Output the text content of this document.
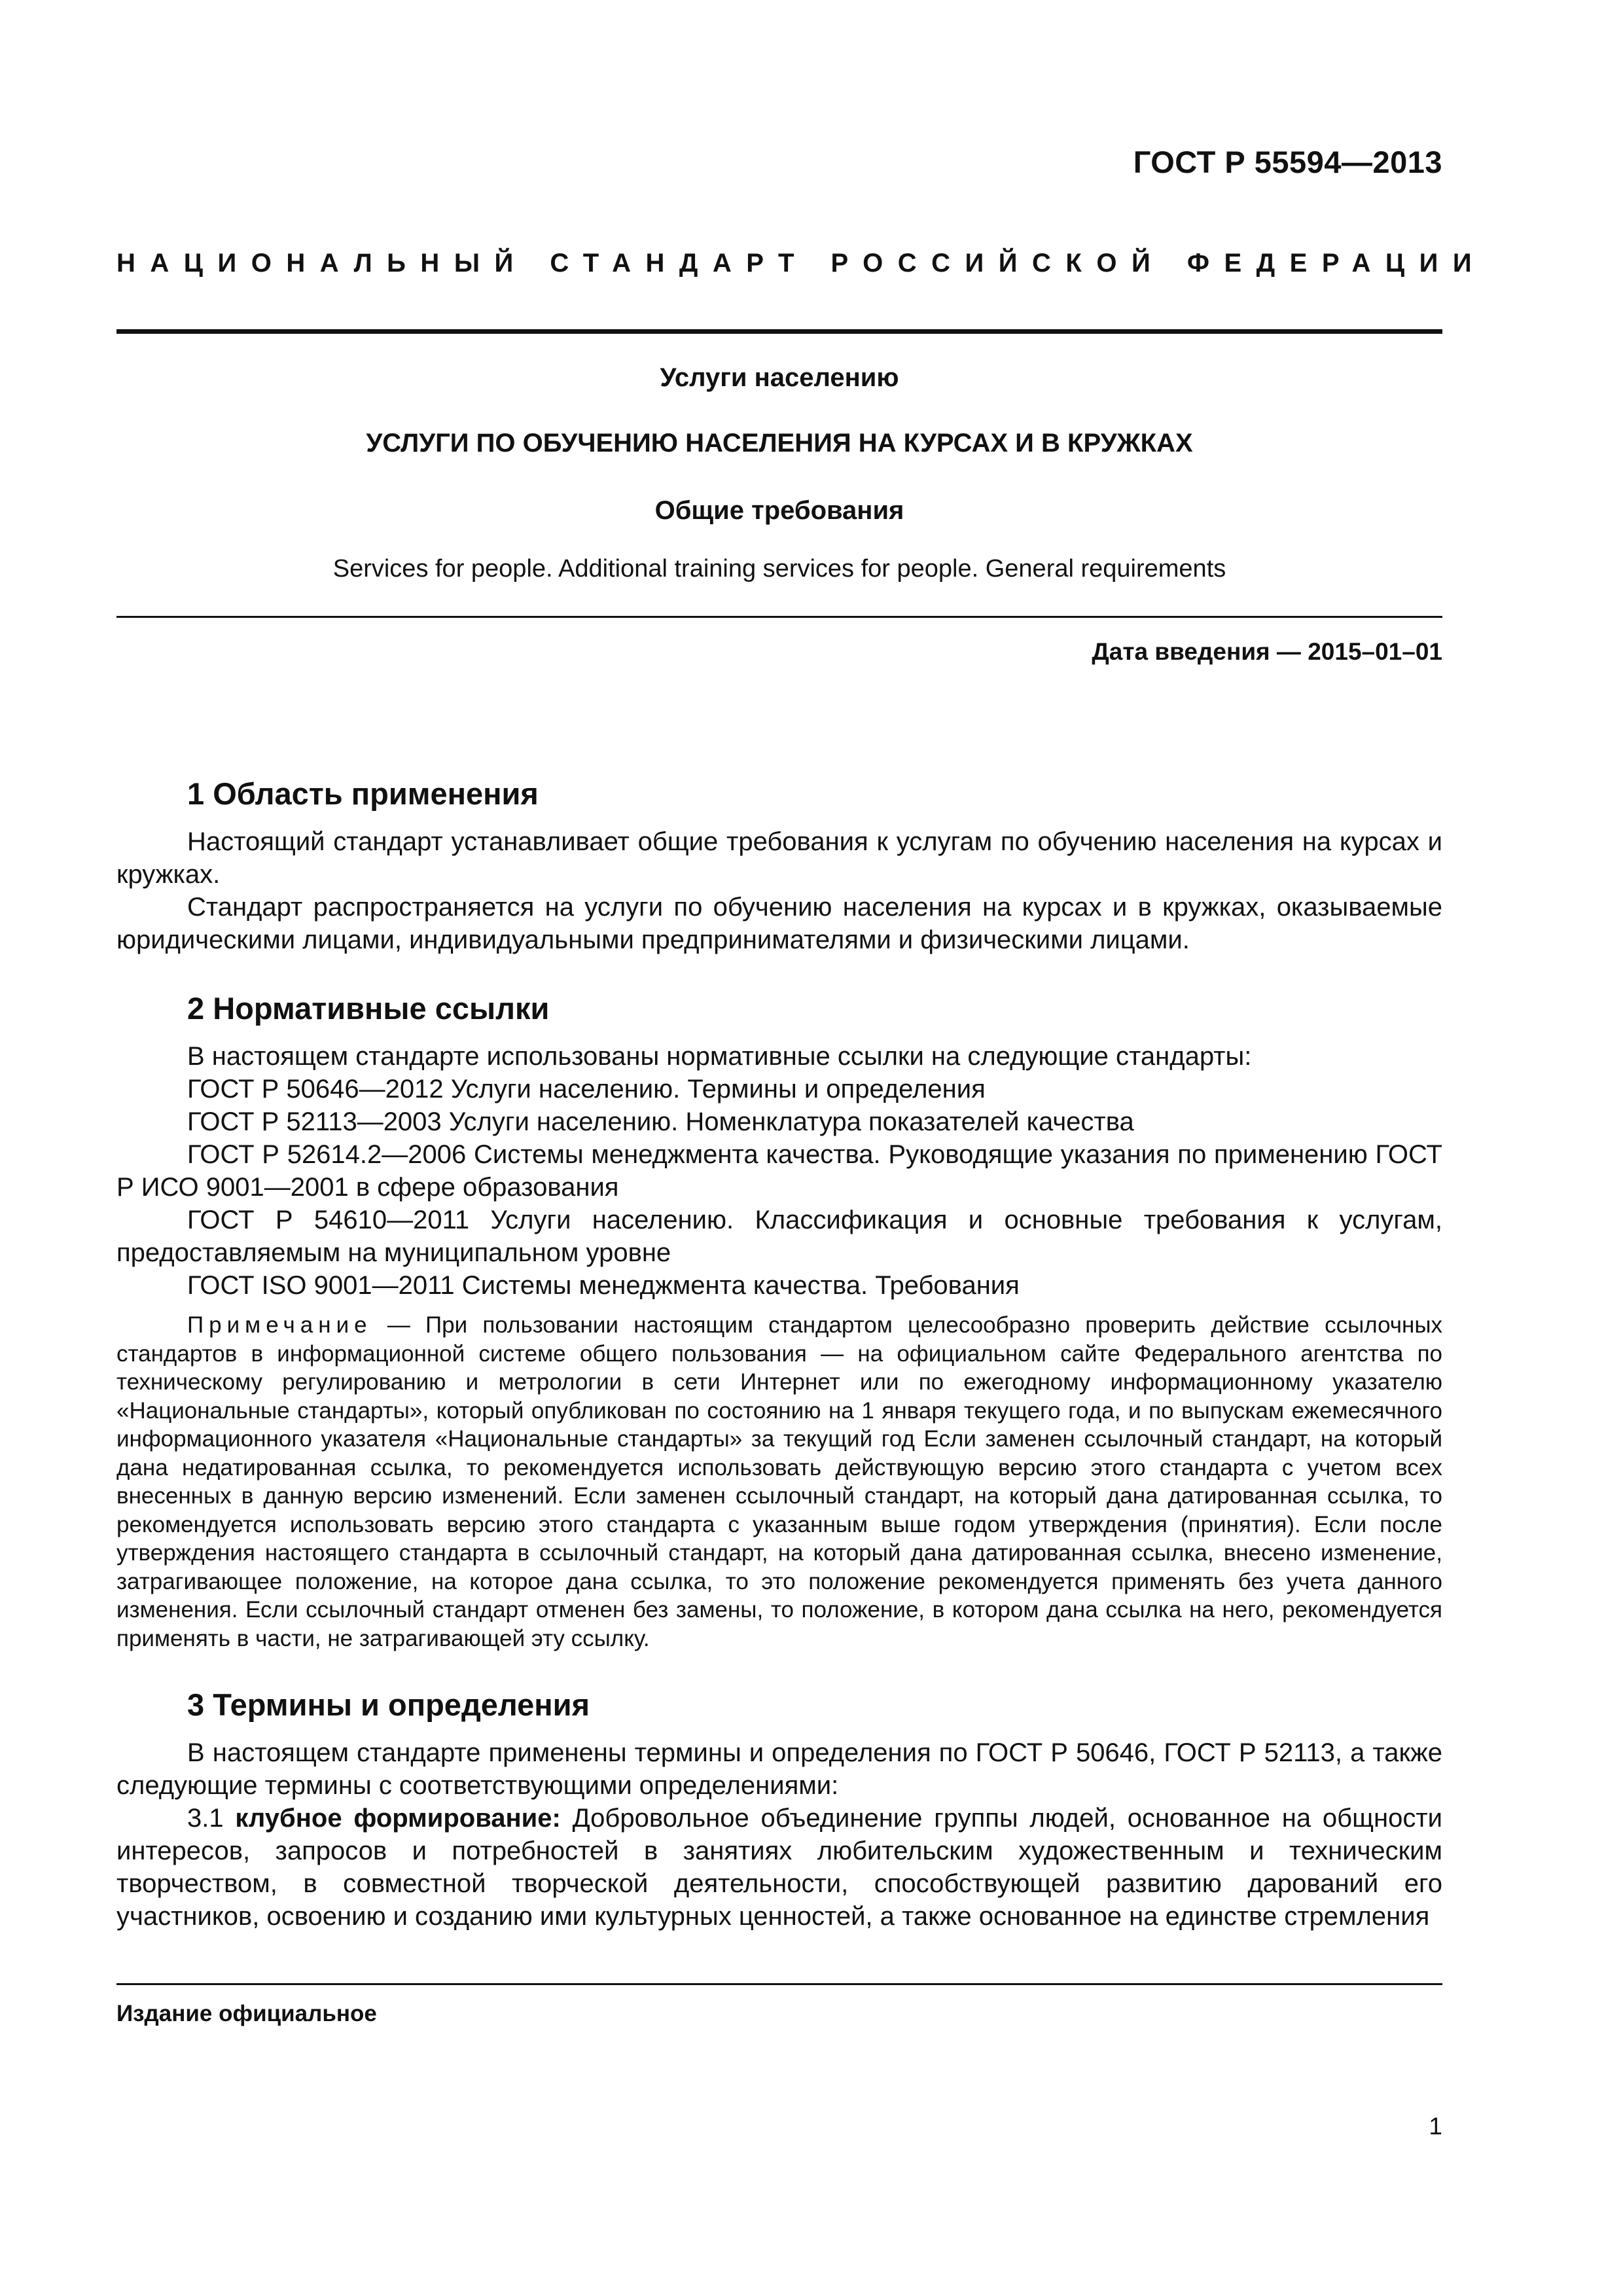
ГОСТ Р 55594—2013
НАЦИОНАЛЬНЫЙ СТАНДАРТ РОССИЙСКОЙ ФЕДЕРАЦИИ
Услуги населению
УСЛУГИ ПО ОБУЧЕНИЮ НАСЕЛЕНИЯ НА КУРСАХ И В КРУЖКАХ
Общие требования
Services for people. Additional training services for people. General requirements
Дата введения — 2015–01–01
1 Область применения

Настоящий стандарт устанавливает общие требования к услугам по обучению населения на курсах и кружках.

Стандарт распространяется на услуги по обучению населения на курсах и в кружках, оказываемые юридическими лицами, индивидуальными предпринимателями и физическими лицами.

2 Нормативные ссылки

В настоящем стандарте использованы нормативные ссылки на следующие стандарты:

ГОСТ Р 50646—2012 Услуги населению. Термины и определения

ГОСТ Р 52113—2003 Услуги населению. Номенклатура показателей качества

ГОСТ Р 52614.2—2006 Системы менеджмента качества. Руководящие указания по применению ГОСТ Р ИСО 9001—2001 в сфере образования

ГОСТ Р 54610—2011 Услуги населению. Классификация и основные требования к услугам, предоставляемым на муниципальном уровне

ГОСТ ISO 9001—2011 Системы менеджмента качества. Требования

Примечание — При пользовании настоящим стандартом целесообразно проверить действие ссылочных стандартов в информационной системе общего пользования — на официальном сайте Федерального агентства по техническому регулированию и метрологии в сети Интернет или по ежегодному информационному указателю «Национальные стандарты», который опубликован по состоянию на 1 января текущего года, и по выпускам ежемесячного информационного указателя «Национальные стандарты» за текущий год Если заменен ссылочный стандарт, на который дана недатированная ссылка, то рекомендуется использовать действующую версию этого стандарта с учетом всех внесенных в данную версию изменений. Если заменен ссылочный стандарт, на который дана датированная ссылка, то рекомендуется использовать версию этого стандарта с указанным выше годом утверждения (принятия). Если после утверждения настоящего стандарта в ссылочный стандарт, на который дана датированная ссылка, внесено изменение, затрагивающее положение, на которое дана ссылка, то это положение рекомендуется применять без учета данного изменения. Если ссылочный стандарт отменен без замены, то положение, в котором дана ссылка на него, рекомендуется применять в части, не затрагивающей эту ссылку.

3 Термины и определения

В настоящем стандарте применены термины и определения по ГОСТ Р 50646, ГОСТ Р 52113, а также следующие термины с соответствующими определениями:

3.1 клубное формирование: Добровольное объединение группы людей, основанное на общности интересов, запросов и потребностей в занятиях любительским художественным и техническим творчеством, в совместной творческой деятельности, способствующей развитию дарований его участников, освоению и созданию ими культурных ценностей, а также основанное на единстве стремления

Издание официальное
1
